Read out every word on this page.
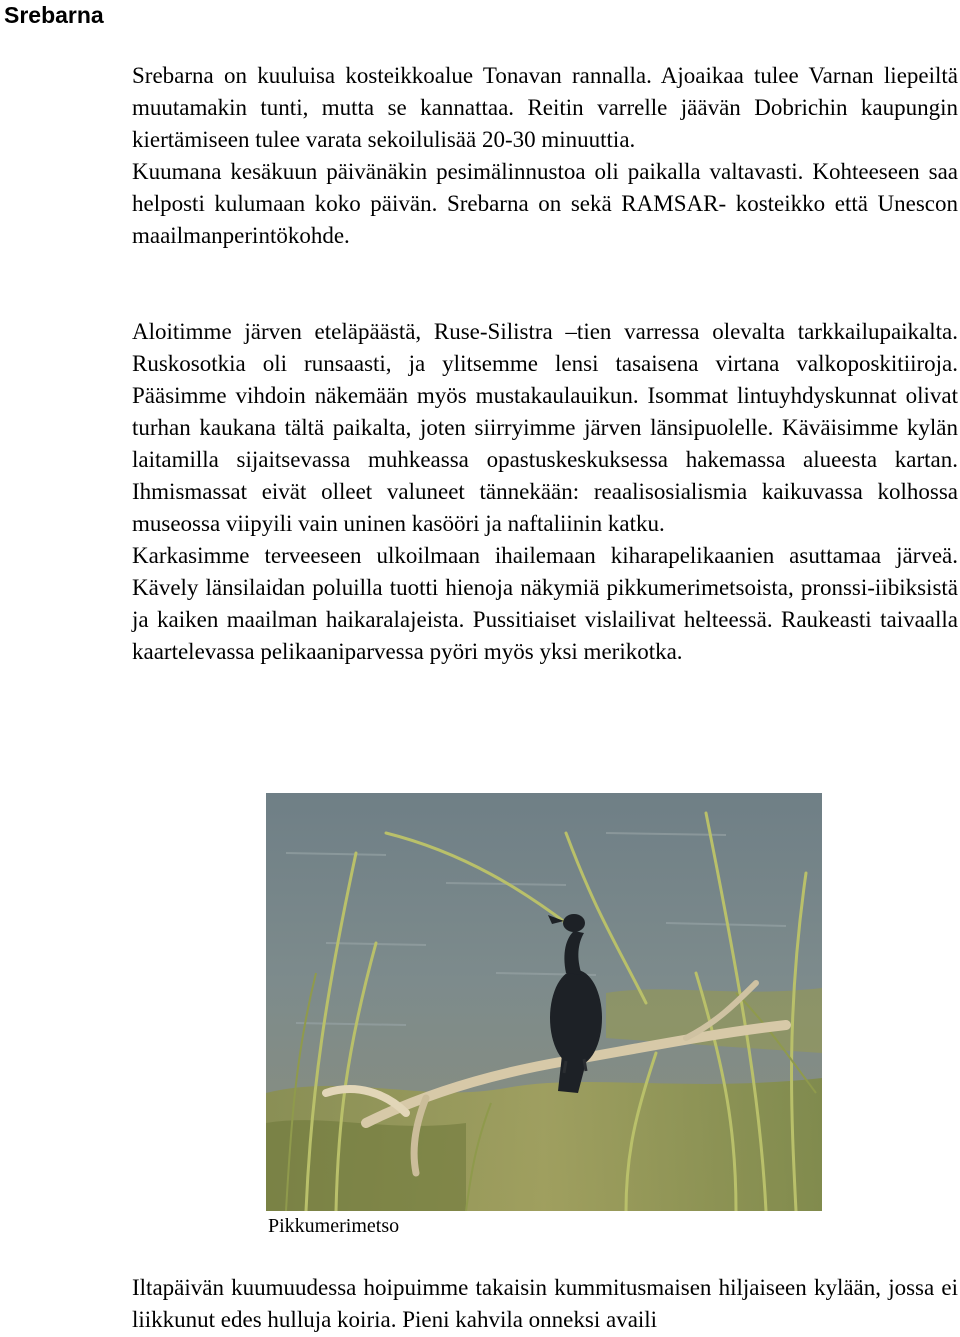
Srebarna

Srebarna on kuuluisa kosteikkoalue Tonavan rannalla. Ajoaikaa tulee Varnan liepeiltä muutamakin tunti, mutta se kannattaa. Reitin varrelle jäävän Dobrichin kaupungin kiertämiseen tulee varata sekoilulisää 20-30 minuuttia.

Kuumana kesäkuun päivänäkin pesimälinnustoa oli paikalla valtavasti. Kohteeseen saa helposti kulumaan koko päivän. Srebarna on sekä RAMSAR- kosteikko että Unescon maailmanperintökohde.

Aloitimme järven eteläpäästä, Ruse-Silistra –tien varressa olevalta tarkkailupaikalta. Ruskosotkia oli runsaasti, ja ylitsemme lensi tasaisena virtana valkoposkitiiroja. Pääsimme vihdoin näkemään myös mustakaulauikun. Isommat lintuyhdyskunnat olivat turhan kaukana tältä paikalta, joten siirryimme järven länsipuolelle. Käväisimme kylän laitamilla sijaitsevassa muhkeassa opastuskeskuksessa hakemassa alueesta kartan. Ihmismassat eivät olleet valuneet tännekään: reaalisosialismia kaikuvassa kolhossa museossa viipyili vain uninen kasööri ja naftaliinin katku.

Karkasimme terveeseen ulkoilmaan ihailemaan kiharapelikaanien asuttamaa järveä. Kävely länsilaidan poluilla tuotti hienoja näkymiä pikkumerimetsoista, pronssi-iibiksistä ja kaiken maailman haikaralajeista. Pussitiaiset vislailivat helteessä. Raukeasti taivaalla kaartelevassa pelikaaniparvessa pyöri myös yksi merikotka.

Pikkumerimetso

Iltapäivän kuumuudessa hoipuimme takaisin kummitusmaisen hiljaiseen kylään, jossa ei liikkunut edes hulluja koiria. Pieni kahvila onneksi availi
